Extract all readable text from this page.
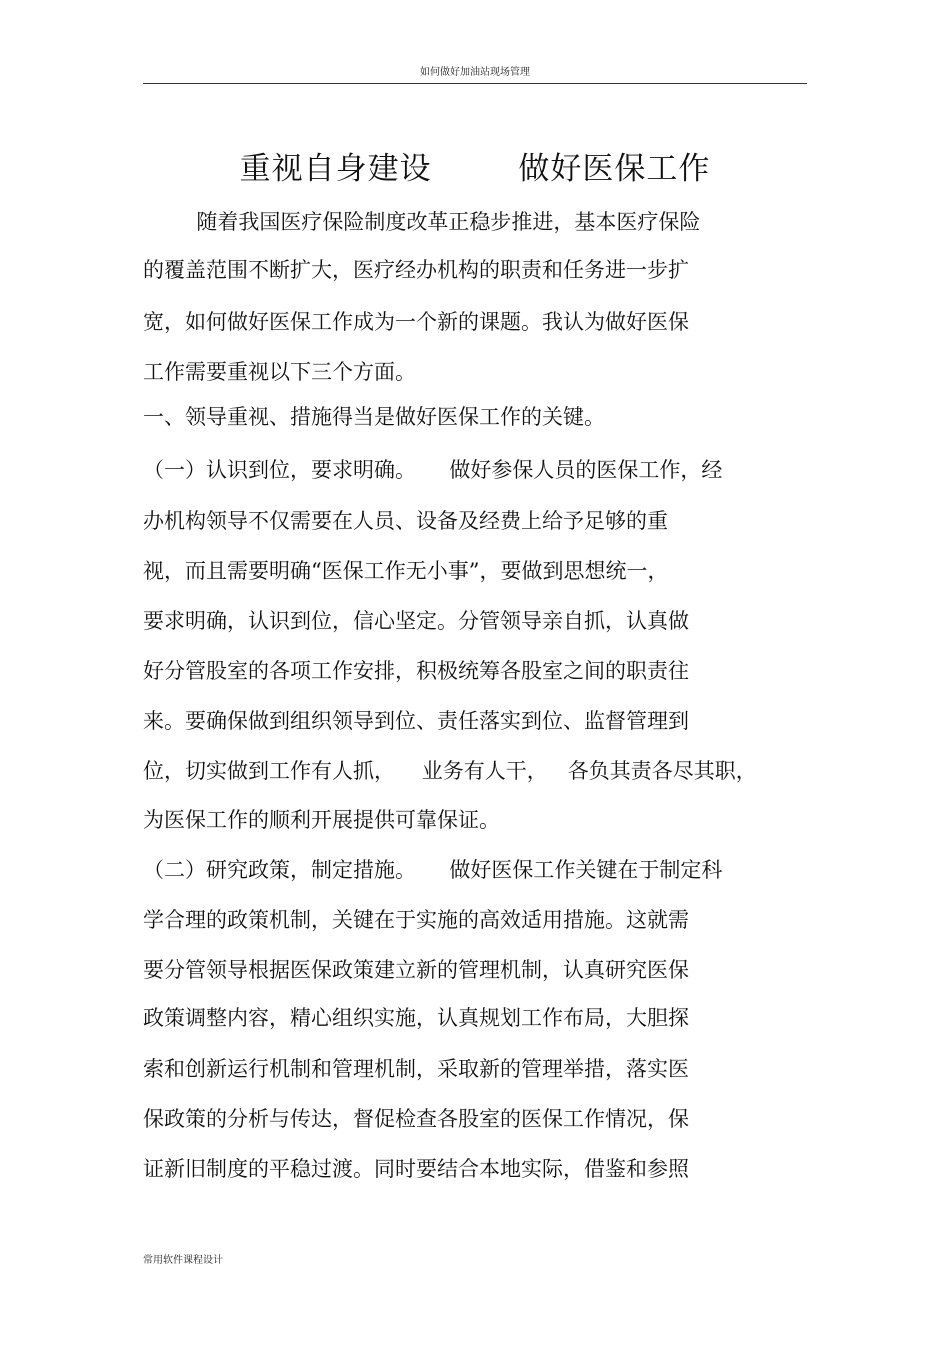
如何做好加油站现场管理
重视自身建设        做好医保工作
随着我国医疗保险制度改革正稳步推进，基本医疗保险
的覆盖范围不断扩大，医疗经办机构的职责和任务进一步扩
宽，如何做好医保工作成为一个新的课题。我认为做好医保
工作需要重视以下三个方面。
一、领导重视、措施得当是做好医保工作的关键。
（一）认识到位，要求明确。     做好参保人员的医保工作，经
办机构领导不仅需要在人员、设备及经费上给予足够的重
视，而且需要明确“医保工作无小事”，要做到思想统一，
要求明确，认识到位，信心坚定。分管领导亲自抓，认真做
好分管股室的各项工作安排，积极统筹各股室之间的职责往
来。要确保做到组织领导到位、责任落实到位、监督管理到
位，切实做到工作有人抓，    业务有人干，   各负其责各尽其职，
为医保工作的顺利开展提供可靠保证。
（二）研究政策，制定措施。     做好医保工作关键在于制定科
学合理的政策机制，关键在于实施的高效适用措施。这就需
要分管领导根据医保政策建立新的管理机制，认真研究医保
政策调整内容，精心组织实施，认真规划工作布局，大胆探
索和创新运行机制和管理机制，采取新的管理举措，落实医
保政策的分析与传达，督促检查各股室的医保工作情况，保
证新旧制度的平稳过渡。同时要结合本地实际，借鉴和参照
常用软件课程设计
